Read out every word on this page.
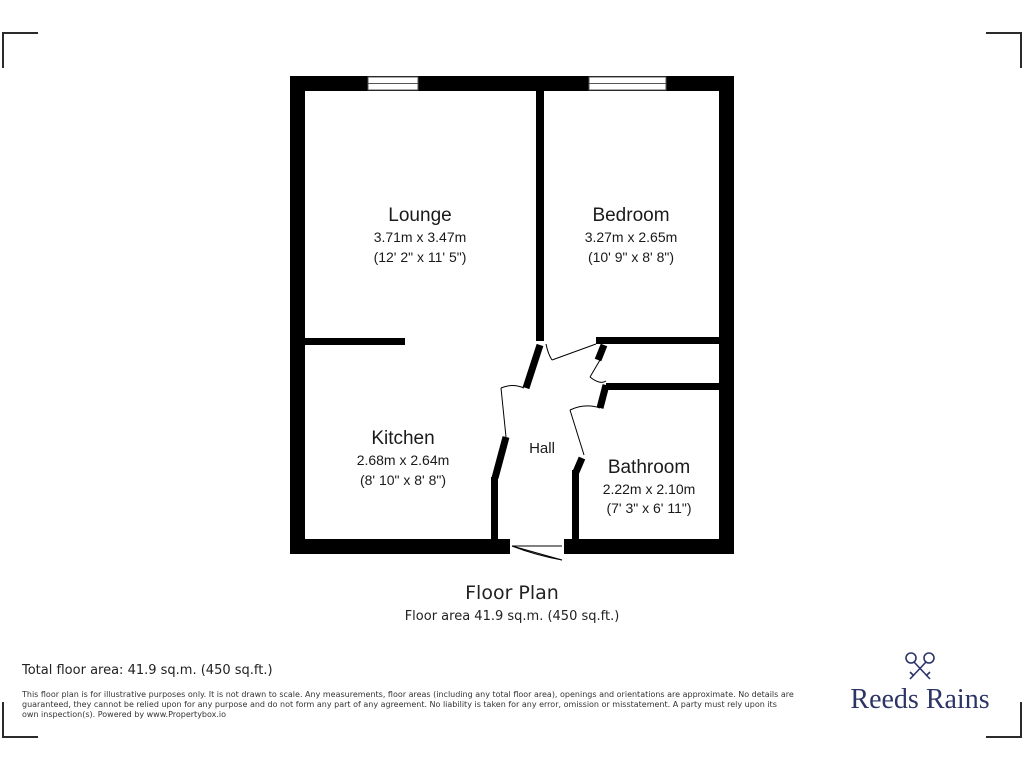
Lounge
3.71m x 3.47m
(12' 2" x 11' 5")
Bedroom
3.27m x 2.65m
(10' 9" x 8' 8")
Kitchen
2.68m x 2.64m
(8' 10" x 8' 8")
Bathroom
2.22m x 2.10m
(7' 3" x 6' 11")
Hall
Floor Plan
Floor area 41.9 sq.m. (450 sq.ft.)
Total floor area: 41.9 sq.m. (450 sq.ft.)
This floor plan is for illustrative purposes only. It is not drawn to scale. Any measurements, floor areas (including any total floor area), openings and orientations are approximate. No details are guaranteed, they cannot be relied upon for any purpose and do not form any part of any agreement. No liability is taken for any error, omission or misstatement. A party must rely upon its own inspection(s). Powered by www.Propertybox.io	Reeds Rains
